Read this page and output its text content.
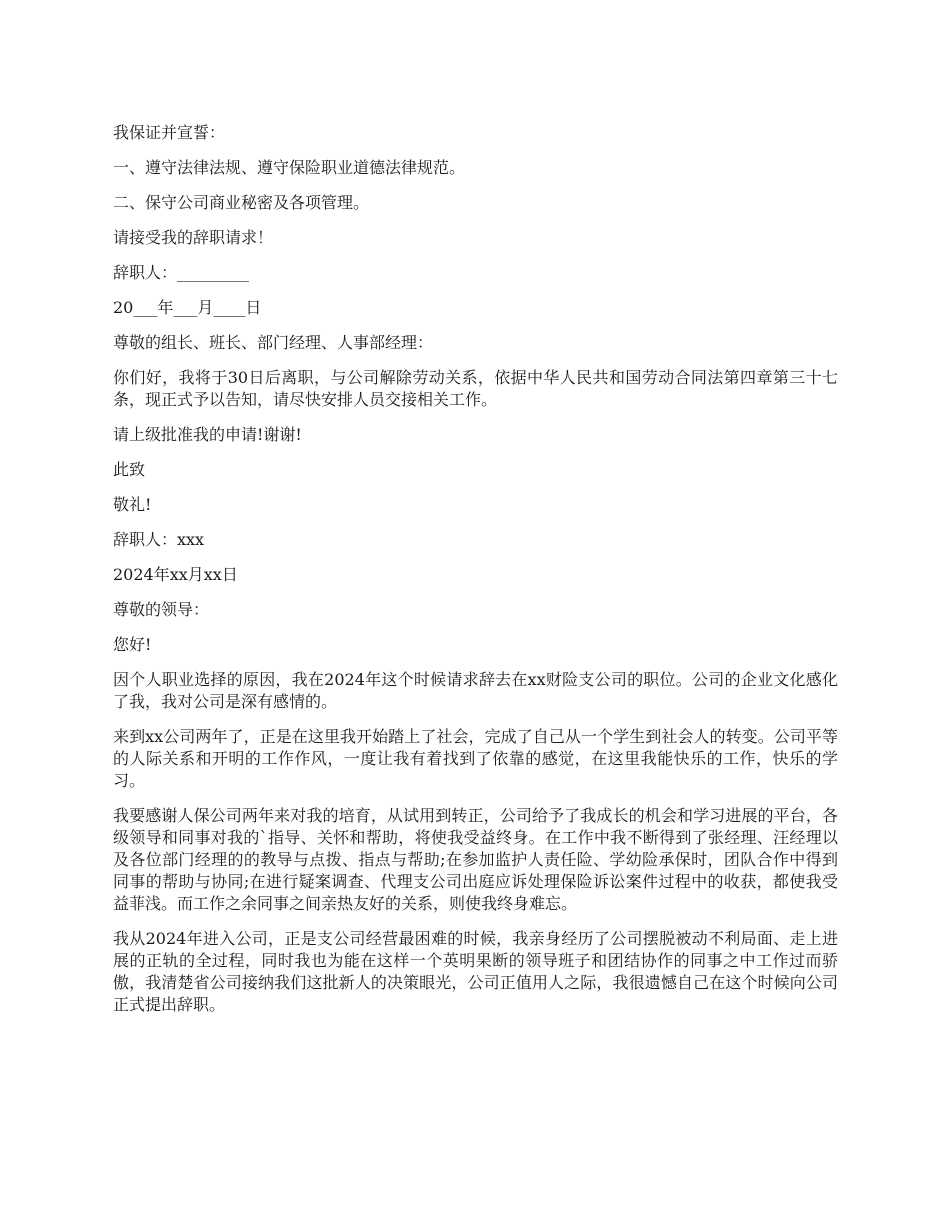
我保证并宣誓：

一、遵守法律法规、遵守保险职业道德法律规范。

二、保守公司商业秘密及各项管理。

请接受我的辞职请求！

辞职人：_________

20___年___月____日

尊敬的组长、班长、部门经理、人事部经理：

你们好，我将于30日后离职，与公司解除劳动关系，依据中华人民共和国劳动合同法第四章第三十七条，现正式予以告知，请尽快安排人员交接相关工作。

请上级批准我的申请!谢谢!

此致

敬礼!

辞职人：xxx

2024年xx月xx日

尊敬的领导：

您好!

因个人职业选择的原因，我在2024年这个时候请求辞去在xx财险支公司的职位。公司的企业文化感化了我，我对公司是深有感情的。

来到xx公司两年了，正是在这里我开始踏上了社会，完成了自己从一个学生到社会人的转变。公司平等的人际关系和开明的工作作风，一度让我有着找到了依靠的感觉，在这里我能快乐的工作，快乐的学习。

我要感谢人保公司两年来对我的培育，从试用到转正，公司给予了我成长的机会和学习进展的平台，各级领导和同事对我的`指导、关怀和帮助，将使我受益终身。在工作中我不断得到了张经理、汪经理以及各位部门经理的的教导与点拨、指点与帮助;在参加监护人责任险、学幼险承保时，团队合作中得到同事的帮助与协同;在进行疑案调查、代理支公司出庭应诉处理保险诉讼案件过程中的收获，都使我受益菲浅。而工作之余同事之间亲热友好的关系，则使我终身难忘。

我从2024年进入公司，正是支公司经营最困难的时候，我亲身经历了公司摆脱被动不利局面、走上进展的正轨的全过程，同时我也为能在这样一个英明果断的领导班子和团结协作的同事之中工作过而骄傲，我清楚省公司接纳我们这批新人的决策眼光，公司正值用人之际，我很遗憾自己在这个时候向公司正式提出辞职。
